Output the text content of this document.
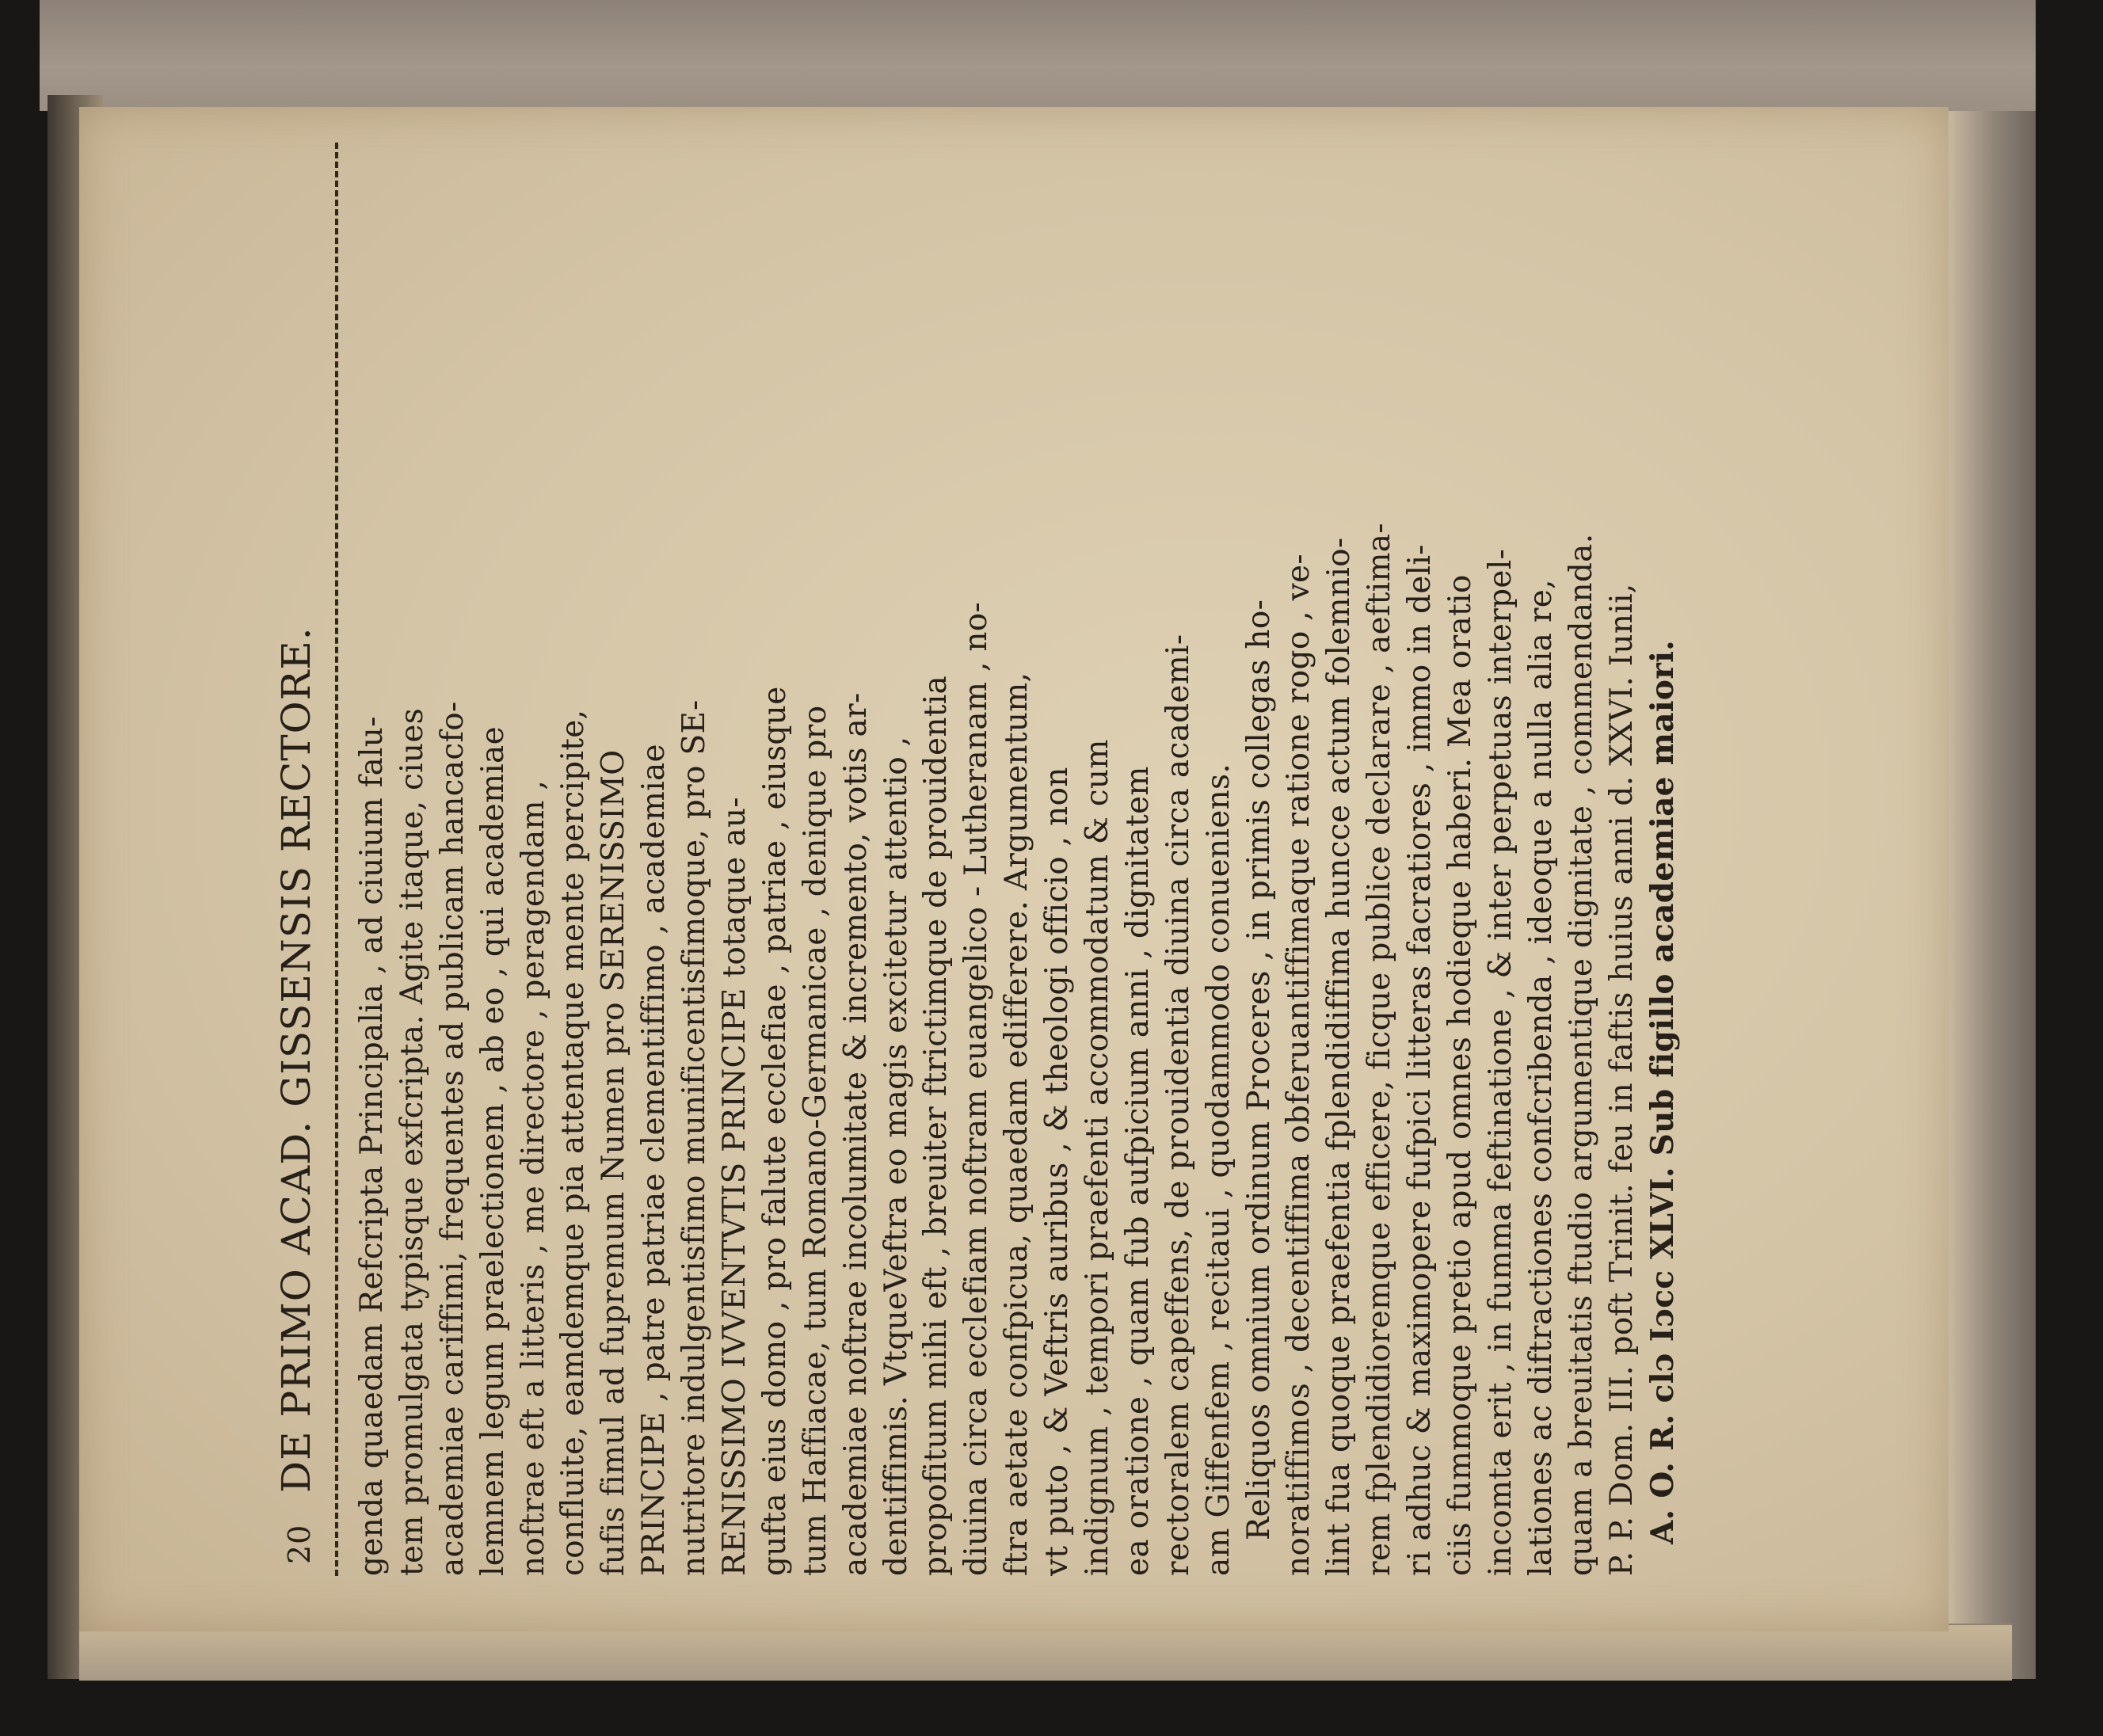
20
DE PRIMO ACAD. GISSENSIS RECTORE. genda quaedam Refcripta Principalia , ad ciuium falu- tem promulgata typisque exfcripta. Agite itaque, ciues academiae cariffimi, frequentes ad publicam hancacfo- lemnem legum praelectionem , ab eo , qui academiae noftrae eft a litteris , me directore , peragendam , confluite, eamdemque pia attentaque mente percipite, fufis fimul ad fupremum Numen pro SERENISSIMO PRINCIPE , patre patriae clementiffimo , academiae nutritore indulgentisfimo munificentisfimoque, pro SE- RENISSIMO IVVENTVTIS PRINCIPE totaque au- gufta eius domo , pro falute ecclefiae , patriae , eiusque tum Haffiacae, tum Romano-Germanicae , denique pro academiae noftrae incolumitate & incremento, votis ar- dentiffimis. VtqueVeftra eo magis excitetur attentio , propofitum mihi eft , breuiter ftrictimque de prouidentia diuina circa ecclefiam noftram euangelico - Lutheranam , no- ftra aetate confpicua, quaedam edifferere. Argumentum, vt puto , & Veftris auribus , & theologi officio , non indignum , tempori praefenti accommodatum & cum ea oratione , quam fub aufpicium anni , dignitatem rectoralem capeffens, de prouidentia diuina circa academi- am Giffenfem , recitaui , quodammodo conueniens. Reliquos omnium ordinum Proceres , in primis collegas ho- noratiffimos , decentiffima obferuantiffimaque ratione rogo , ve- lint fua quoque praefentia fplendidiffima huncce actum folemnio- rem fplendidioremque efficere, ficque publice declarare , aeftima- ri adhuc & maximopere fufpici litteras facratiores , immo in deli- ciis fummoque pretio apud omnes hodieque haberi. Mea oratio incomta erit , in fumma feftinatione , & inter perpetuas interpel- lationes ac diftractiones confcribenda , ideoque a nulla alia re, quam a breuitatis ftudio argumentique dignitate , commendanda. P. P. Dom. III. poft Trinit. feu in faftis huius anni d. XXVI. Iunii, A. O. R. clɔ Iɔcc XLVI. Sub figillo academiae maiori.
